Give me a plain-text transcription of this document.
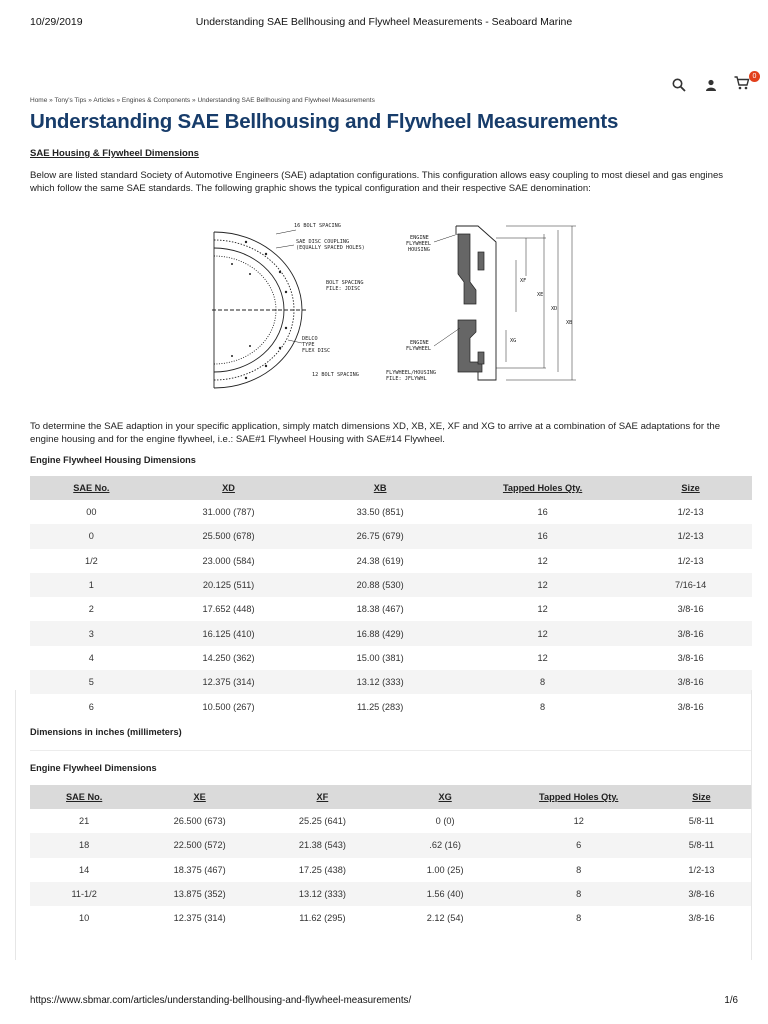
10/29/2019	Understanding SAE Bellhousing and Flywheel Measurements - Seaboard Marine
0
Home » Tony's Tips » Articles » Engines & Components » Understanding SAE Bellhousing and Flywheel Measurements
Understanding SAE Bellhousing and Flywheel Measurements
SAE Housing & Flywheel Dimensions

Below are listed standard Society of Automotive Engineers (SAE) adaptation configurations. This configuration allows easy coupling to most diesel and gas engines which follow the same SAE standards. The following graphic shows the typical configuration and their respective SAE denomination:

16 BOLT SPACING
SAE DISC COUPLING
(EQUALLY SPACED HOLES)
BOLT SPACING
FILE: JDISC
DELCO
TYPE
FLEX DISC
12 BOLT SPACING
ENGINE
FLYWHEEL
HOUSING
ENGINE
FLYWHEEL
FLYWHEEL/HOUSING
FILE: JFLYWHL
XF
XE
XD
XB
XG

To determine the SAE adaption in your specific application, simply match dimensions XD, XB, XE, XF and XG to arrive at a combination of SAE adaptations for the engine housing and for the engine flywheel, i.e.: SAE#1 Flywheel Housing with SAE#14 Flywheel.

Engine Flywheel Housing Dimensions
SAE No.	XD	XB	Tapped Holes Qty.	Size
00	31.000 (787)	33.50 (851)	16	1/2-13
0	25.500 (678)	26.75 (679)	16	1/2-13
1/2	23.000 (584)	24.38 (619)	12	1/2-13
1	20.125 (511)	20.88 (530)	12	7/16-14
2	17.652 (448)	18.38 (467)	12	3/8-16
3	16.125 (410)	16.88 (429)	12	3/8-16
4	14.250 (362)	15.00 (381)	12	3/8-16
5	12.375 (314)	13.12 (333)	8	3/8-16
6	10.500 (267)	11.25 (283)	8	3/8-16
Dimensions in inches (millimeters)
Engine Flywheel Dimensions
SAE No.	XE	XF	XG	Tapped Holes Qty.	Size
21	26.500 (673)	25.25 (641)	0 (0)	12	5/8-11
18	22.500 (572)	21.38 (543)	.62 (16)	6	5/8-11
14	18.375 (467)	17.25 (438)	1.00 (25)	8	1/2-13
11-1/2	13.875 (352)	13.12 (333)	1.56 (40)	8	3/8-16
10	12.375 (314)	11.62 (295)	2.12 (54)	8	3/8-16
https://www.sbmar.com/articles/understanding-bellhousing-and-flywheel-measurements/	1/6
